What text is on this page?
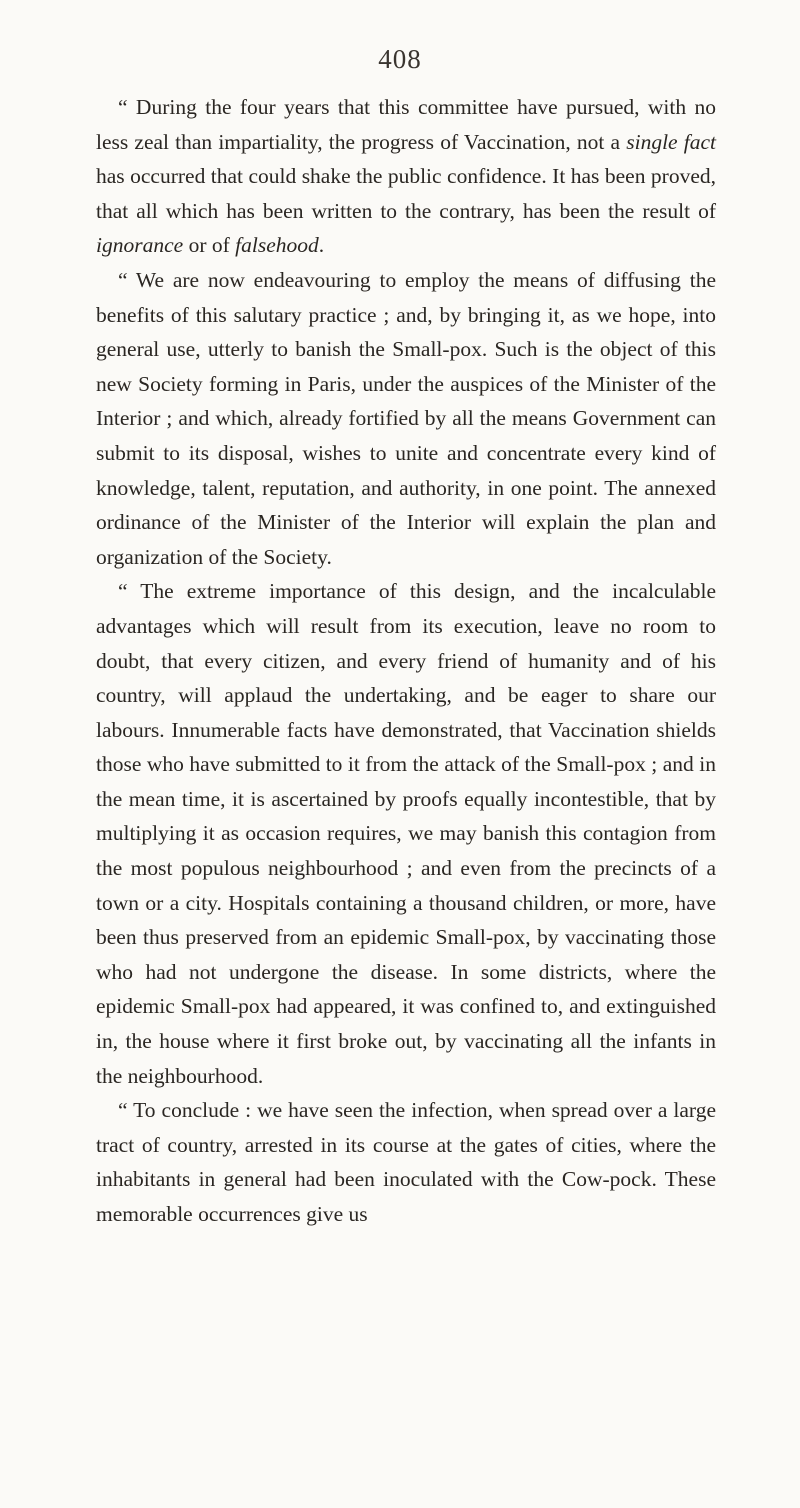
408

“ During the four years that this committee have pursued, with no less zeal than impartiality, the progress of Vaccination, not a single fact has occurred that could shake the public confidence. It has been proved, that all which has been written to the contrary, has been the result of ignorance or of falsehood.

“ We are now endeavouring to employ the means of diffusing the benefits of this salutary practice ; and, by bringing it, as we hope, into general use, utterly to banish the Small-pox. Such is the object of this new Society forming in Paris, under the auspices of the Minister of the Interior ; and which, already fortified by all the means Government can submit to its disposal, wishes to unite and concentrate every kind of knowledge, talent, reputation, and authority, in one point. The annexed ordinance of the Minister of the Interior will explain the plan and organization of the Society.

“ The extreme importance of this design, and the incalculable advantages which will result from its execution, leave no room to doubt, that every citizen, and every friend of humanity and of his country, will applaud the undertaking, and be eager to share our labours. Innumerable facts have demonstrated, that Vaccination shields those who have submitted to it from the attack of the Small-pox ; and in the mean time, it is ascertained by proofs equally incontestible, that by multiplying it as occasion requires, we may banish this contagion from the most populous neighbourhood ; and even from the precincts of a town or a city. Hospitals containing a thousand children, or more, have been thus preserved from an epidemic Small-pox, by vaccinating those who had not undergone the disease. In some districts, where the epidemic Small-pox had appeared, it was confined to, and extinguished in, the house where it first broke out, by vaccinating all the infants in the neighbourhood.

“ To conclude : we have seen the infection, when spread over a large tract of country, arrested in its course at the gates of cities, where the inhabitants in general had been inoculated with the Cow-pock. These memorable occurrences give us
